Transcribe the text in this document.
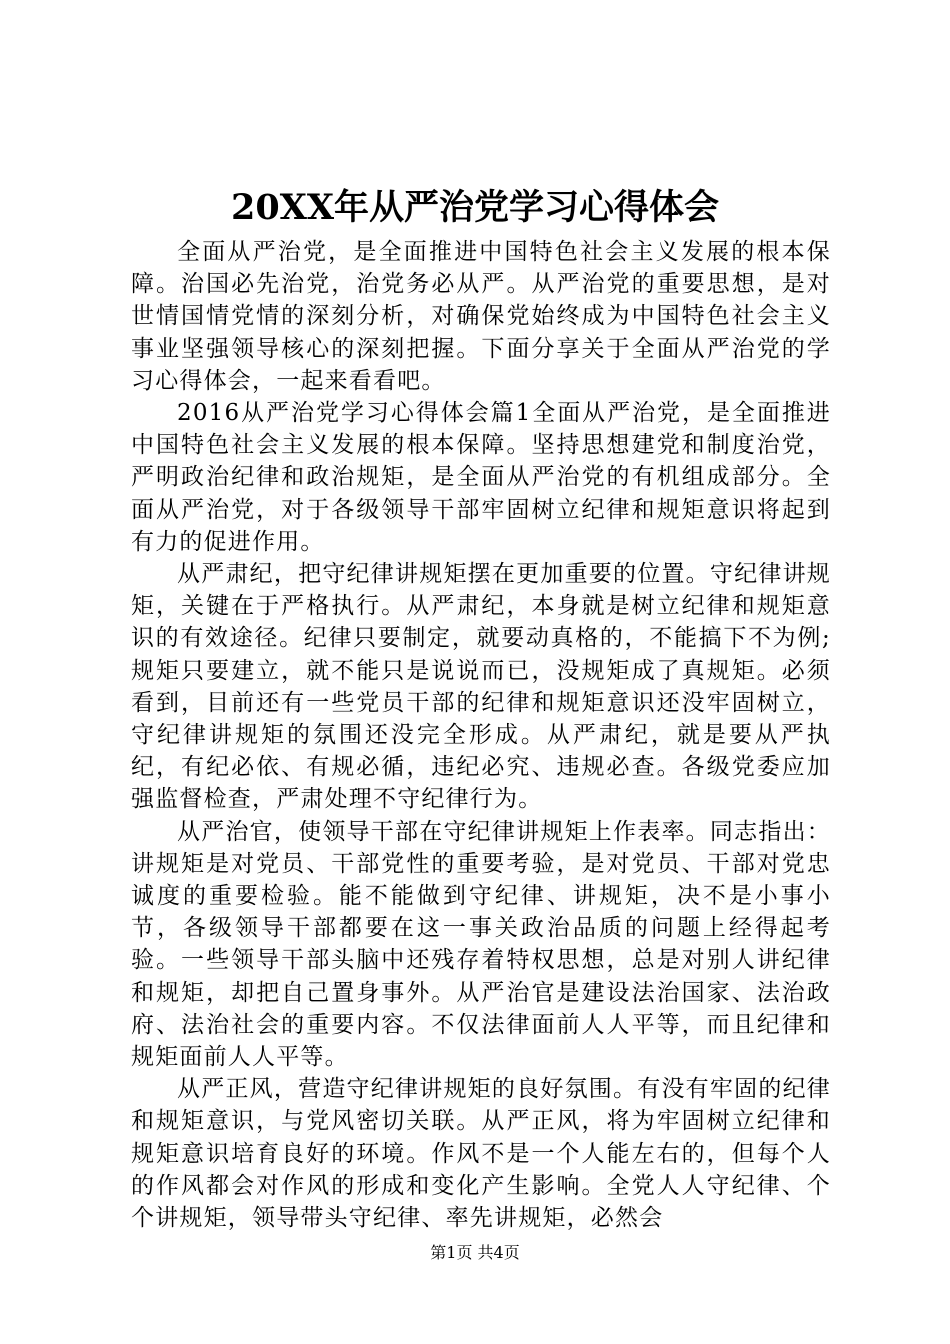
20XX年从严治党学习心得体会

全面从严治党，是全面推进中国特色社会主义发展的根本保障。治国必先治党，治党务必从严。从严治党的重要思想，是对世情国情党情的深刻分析，对确保党始终成为中国特色社会主义事业坚强领导核心的深刻把握。下面分享关于全面从严治党的学习心得体会，一起来看看吧。

2016从严治党学习心得体会篇1全面从严治党，是全面推进中国特色社会主义发展的根本保障。坚持思想建党和制度治党，严明政治纪律和政治规矩，是全面从严治党的有机组成部分。全面从严治党，对于各级领导干部牢固树立纪律和规矩意识将起到有力的促进作用。

从严肃纪，把守纪律讲规矩摆在更加重要的位置。守纪律讲规矩，关键在于严格执行。从严肃纪，本身就是树立纪律和规矩意识的有效途径。纪律只要制定，就要动真格的，不能搞下不为例;规矩只要建立，就不能只是说说而已，没规矩成了真规矩。必须看到，目前还有一些党员干部的纪律和规矩意识还没牢固树立，守纪律讲规矩的氛围还没完全形成。从严肃纪，就是要从严执纪，有纪必依、有规必循，违纪必究、违规必查。各级党委应加强监督检查，严肃处理不守纪律行为。

从严治官，使领导干部在守纪律讲规矩上作表率。同志指出：讲规矩是对党员、干部党性的重要考验，是对党员、干部对党忠诚度的重要检验。能不能做到守纪律、讲规矩，决不是小事小节，各级领导干部都要在这一事关政治品质的问题上经得起考验。一些领导干部头脑中还残存着特权思想，总是对别人讲纪律和规矩，却把自己置身事外。从严治官是建设法治国家、法治政府、法治社会的重要内容。不仅法律面前人人平等，而且纪律和规矩面前人人平等。

从严正风，营造守纪律讲规矩的良好氛围。有没有牢固的纪律和规矩意识，与党风密切关联。从严正风，将为牢固树立纪律和规矩意识培育良好的环境。作风不是一个人能左右的，但每个人的作风都会对作风的形成和变化产生影响。全党人人守纪律、个个讲规矩，领导带头守纪律、率先讲规矩，必然会

第1页 共4页
